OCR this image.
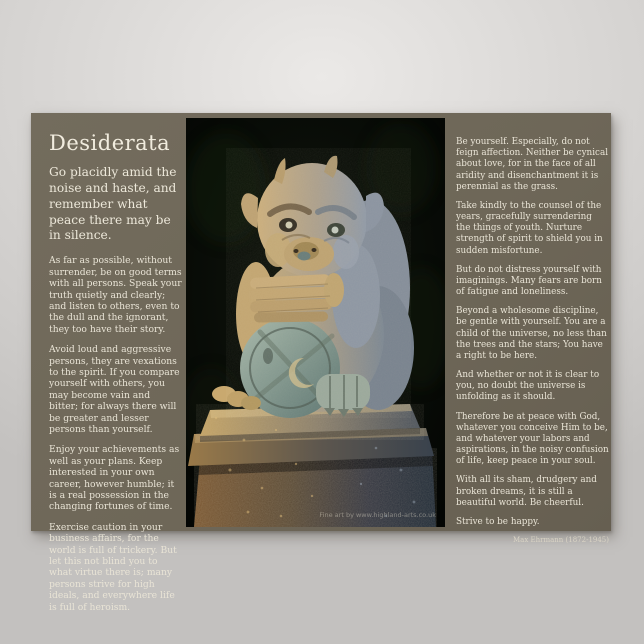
Desiderata

Go placidly amid the noise and haste, and remember what peace there may be in silence.

As far as possible, without surrender, be on good terms with all persons. Speak your truth quietly and clearly; and listen to others, even to the dull and the ignorant, they too have their story.

Avoid loud and aggressive persons, they are vexations to the spirit. If you compare yourself with others, you may become vain and bitter; for always there will be greater and lesser persons than yourself.

Enjoy your achievements as well as your plans. Keep interested in your own career, however humble; it is a real possession in the changing fortunes of time.

Exercise caution in your business affairs, for the world is full of trickery. But let this not blind you to what virtue there is; many persons strive for high ideals, and everywhere life is full of heroism.

Fine art by www.highland-arts.co.uk

Be yourself. Especially, do not feign affection. Neither be cynical about love, for in the face of all aridity and disenchantment it is perennial as the grass.

Take kindly to the counsel of the years, gracefully surrendering the things of youth. Nurture strength of spirit to shield you in sudden misfortune.

But do not distress yourself with imaginings. Many fears are born of fatigue and loneliness.

Beyond a wholesome discipline, be gentle with yourself. You are a child of the universe, no less than the trees and the stars; You have a right to be here.

And whether or not it is clear to you, no doubt the universe is unfolding as it should.

Therefore be at peace with God, whatever you conceive Him to be, and whatever your labors and aspirations, in the noisy confusion of life, keep peace in your soul.

With all its sham, drudgery and broken dreams, it is still a beautiful world. Be cheerful.

Strive to be happy.

Max Ehrmann (1872-1945)
